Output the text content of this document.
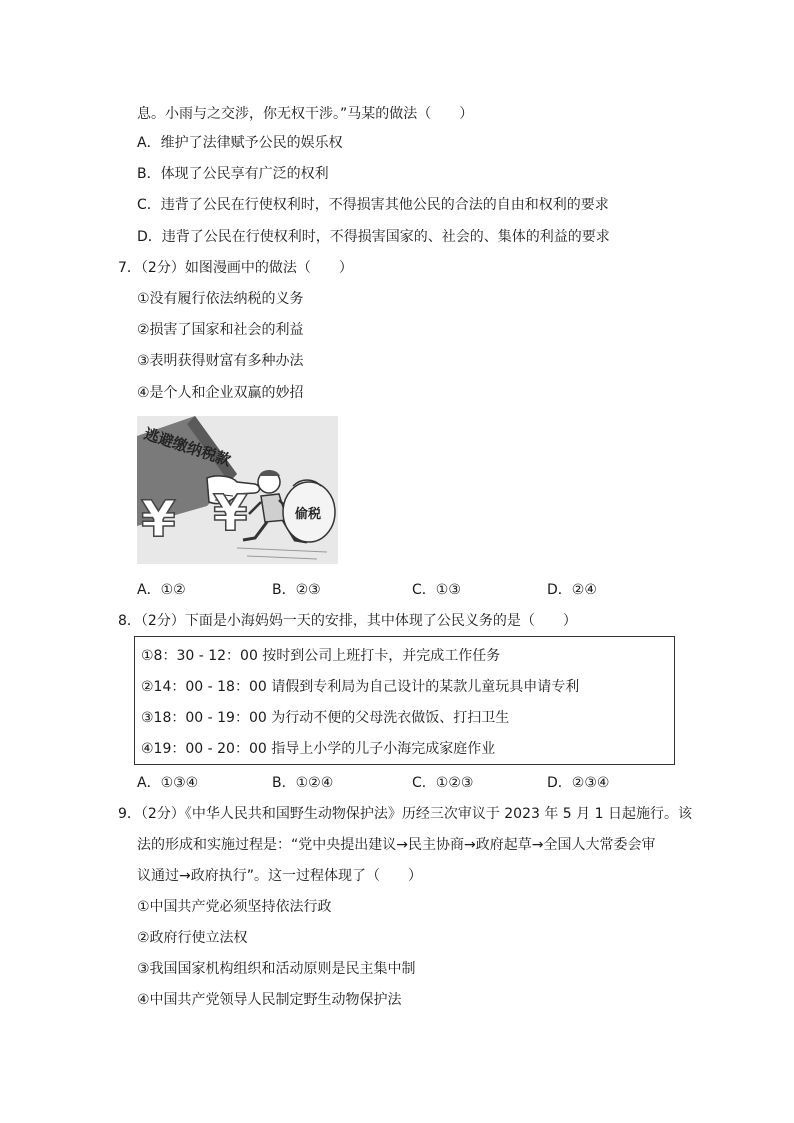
息。小雨与之交涉，你无权干涉。”马某的做法（　　）
A．维护了法律赋予公民的娱乐权
B．体现了公民享有广泛的权利
C．违背了公民在行使权利时，不得损害其他公民的合法的自由和权利的要求
D．违背了公民在行使权利时，不得损害国家的、社会的、集体的利益的要求
7．（2分）如图漫画中的做法（　　）
①没有履行依法纳税的义务
②损害了国家和社会的利益
③表明获得财富有多种办法
④是个人和企业双赢的妙招
逃避缴纳税款
¥ ¥	偷税
A．①②	B．②③	C．①③	D．②④
8．（2分）下面是小海妈妈一天的安排，其中体现了公民义务的是（　　）
①8：30 - 12：00 按时到公司上班打卡，并完成工作任务
②14：00 - 18：00 请假到专利局为自己设计的某款儿童玩具申请专利
③18：00 - 19：00 为行动不便的父母洗衣做饭、打扫卫生
④19：00 - 20：00 指导上小学的儿子小海完成家庭作业
A．①③④	B．①②④	C．①②③	D．②③④
9．（2分）《中华人民共和国野生动物保护法》历经三次审议于 2023 年 5 月 1 日起施行。该
法的形成和实施过程是：“党中央提出建议→民主协商→政府起草→全国人大常委会审
议通过→政府执行”。这一过程体现了（　　）
①中国共产党必须坚持依法行政
②政府行使立法权
③我国国家机构组织和活动原则是民主集中制
④中国共产党领导人民制定野生动物保护法
